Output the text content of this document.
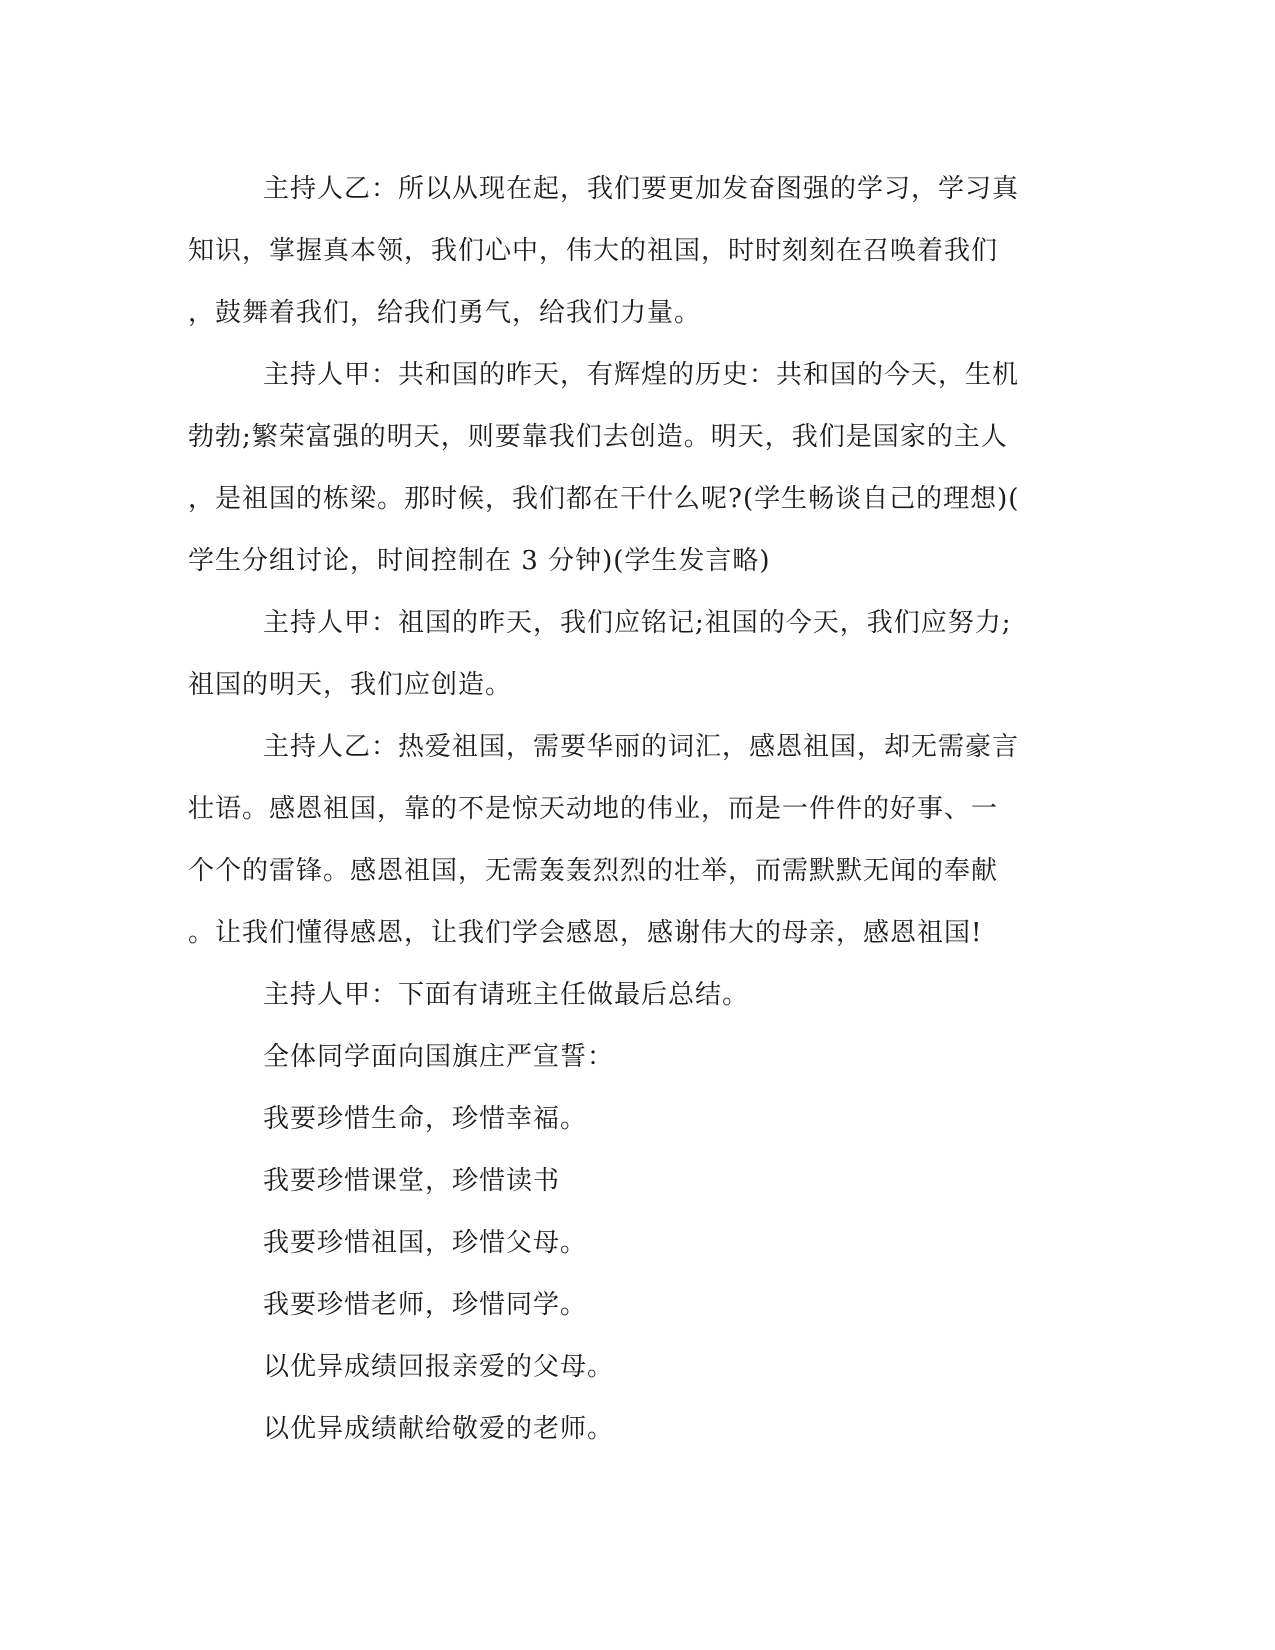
主持人乙：所以从现在起，我们要更加发奋图强的学习，学习真
知识，掌握真本领，我们心中，伟大的祖国，时时刻刻在召唤着我们
，鼓舞着我们，给我们勇气，给我们力量。
主持人甲：共和国的昨天，有辉煌的历史：共和国的今天，生机
勃勃;繁荣富强的明天，则要靠我们去创造。明天，我们是国家的主人
，是祖国的栋梁。那时候，我们都在干什么呢?(学生畅谈自己的理想)(
学生分组讨论，时间控制在 3 分钟)(学生发言略)
主持人甲：祖国的昨天，我们应铭记;祖国的今天，我们应努力;
祖国的明天，我们应创造。
主持人乙：热爱祖国，需要华丽的词汇，感恩祖国，却无需豪言
壮语。感恩祖国，靠的不是惊天动地的伟业，而是一件件的好事、一
个个的雷锋。感恩祖国，无需轰轰烈烈的壮举，而需默默无闻的奉献
。让我们懂得感恩，让我们学会感恩，感谢伟大的母亲，感恩祖国!
主持人甲：下面有请班主任做最后总结。
全体同学面向国旗庄严宣誓：
我要珍惜生命，珍惜幸福。
我要珍惜课堂，珍惜读书
我要珍惜祖国，珍惜父母。
我要珍惜老师，珍惜同学。
以优异成绩回报亲爱的父母。
以优异成绩献给敬爱的老师。
